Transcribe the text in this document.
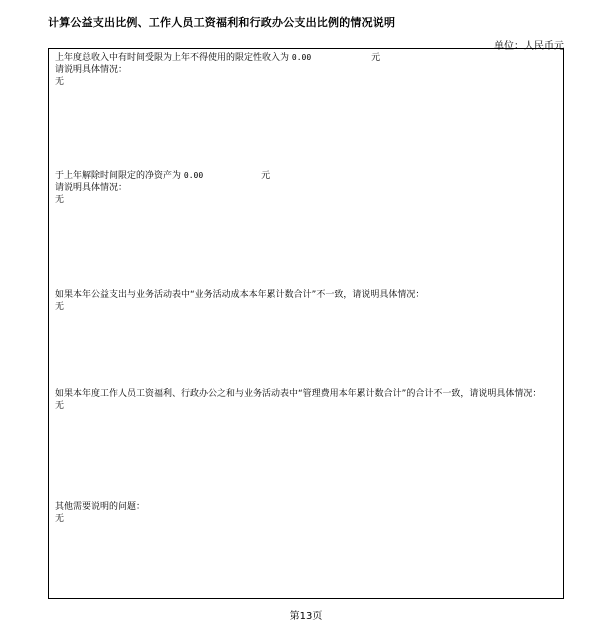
计算公益支出比例、工作人员工资福利和行政办公支出比例的情况说明
单位：人民币元
上年度总收入中有时间受限为上年不得使用的限定性收入为 0.00	元
请说明具体情况：
无
于上年解除时间限定的净资产为 0.00	元
请说明具体情况：
无
如果本年公益支出与业务活动表中“业务活动成本本年累计数合计”不一致，请说明具体情况：
无
如果本年度工作人员工资福利、行政办公之和与业务活动表中“管理费用本年累计数合计”的合计不一致，请说明具体情况：
无
其他需要说明的问题：
无
第13页
